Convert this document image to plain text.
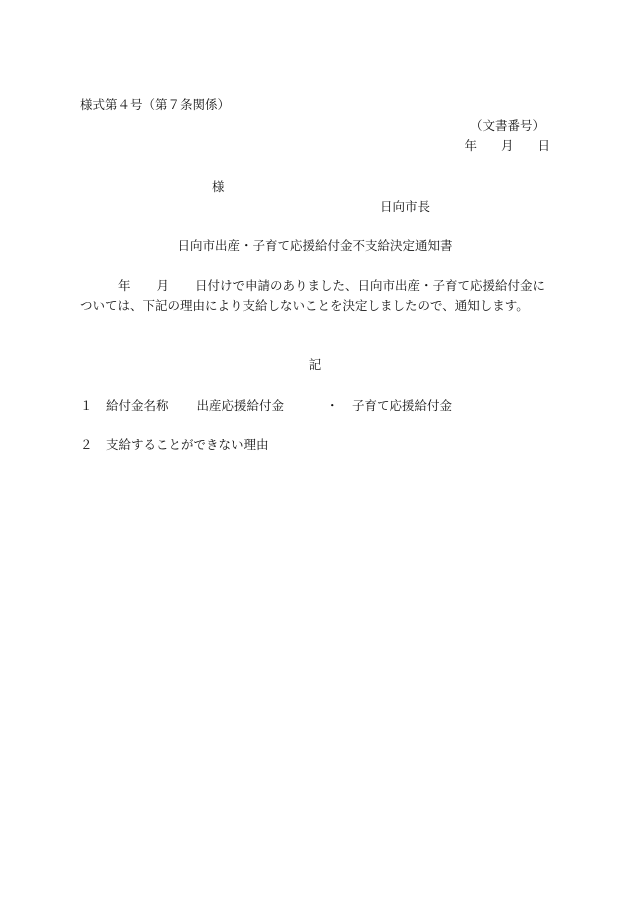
様式第４号（第７条関係）
（文書番号）
年 月 日
様
日向市長
日向市出産・子育て応援給付金不支給決定通知書
年 月 日付けで申請のありました、日向市出産・子育て応援給付金については、下記の理由により支給しないことを決定しましたので、通知します。
記
１ 給付金名称 出産応援給付金	・ 子育て応援給付金
２ 支給することができない理由
